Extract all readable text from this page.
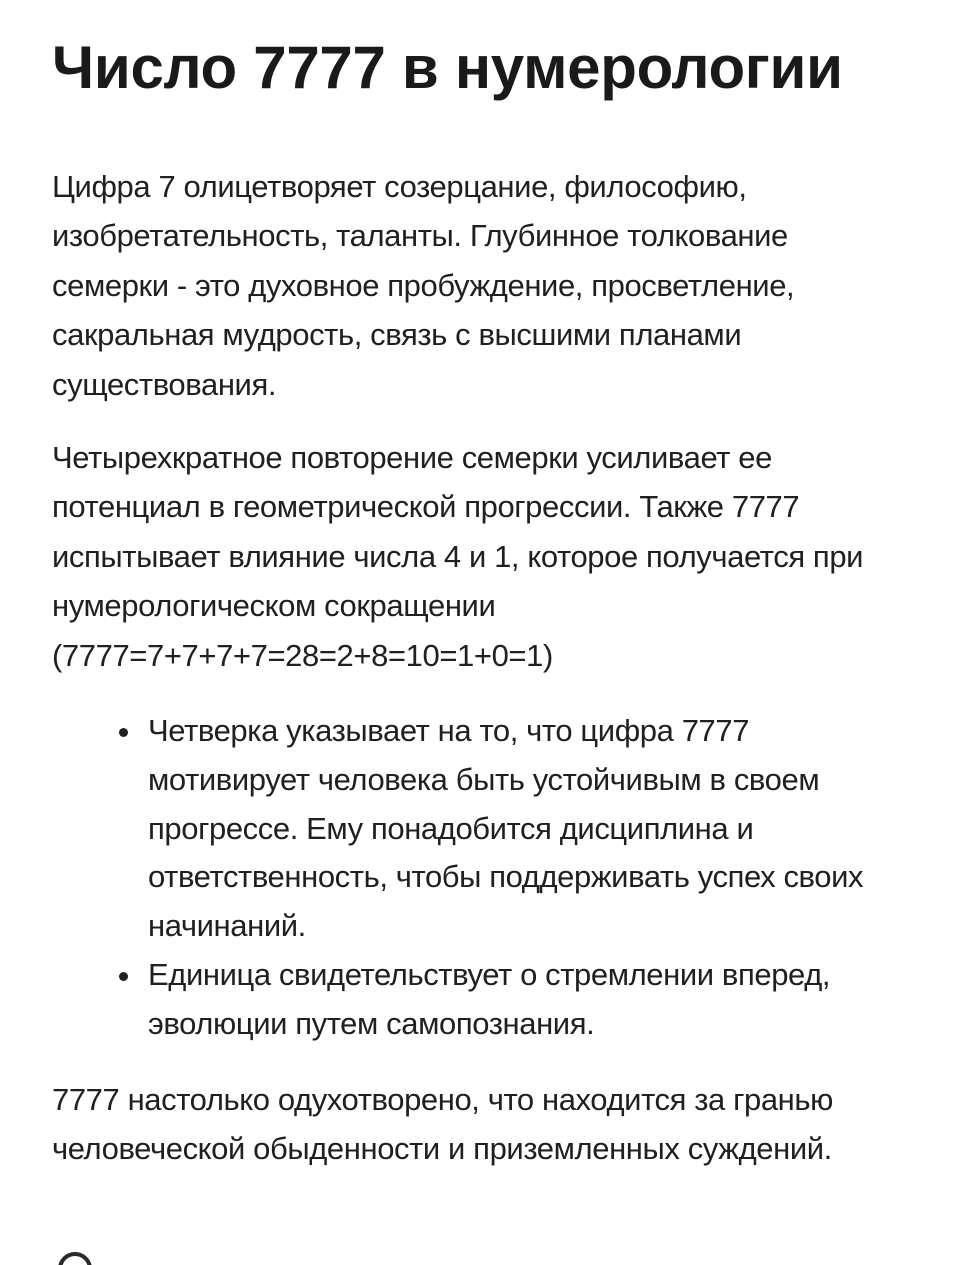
Число 7777 в нумерологии

Цифра 7 олицетворяет созерцание, философию, изобретательность, таланты. Глубинное толкование семерки - это духовное пробуждение, просветление, сакральная мудрость, связь с высшими планами существования.

Четырехкратное повторение семерки усиливает ее потенциал в геометрической прогрессии. Также 7777 испытывает влияние числа 4 и 1, которое получается при нумерологическом сокращении (7777=7+7+7+7=28=2+8=10=1+0=1)

Четверка указывает на то, что цифра 7777 мотивирует человека быть устойчивым в своем прогрессе. Ему понадобится дисциплина и ответственность, чтобы поддерживать успех своих начинаний.
Единица свидетельствует о стремлении вперед, эволюции путем самопознания.

7777 настолько одухотворено, что находится за гранью человеческой обыденности и приземленных суждений.
